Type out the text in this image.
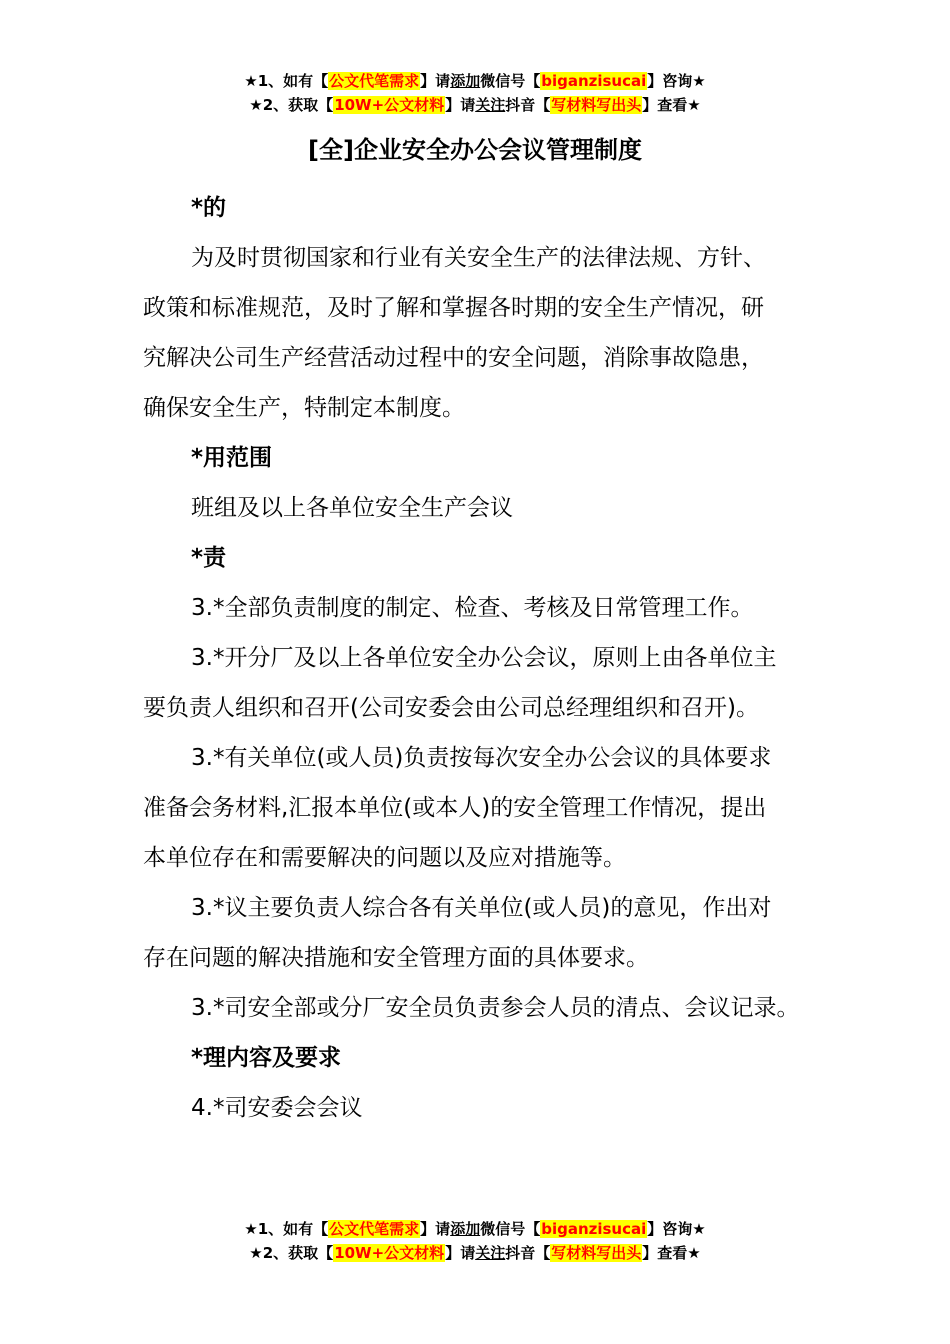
★1、如有【公文代笔需求】请添加微信号【biganzisucai】咨询★
★2、获取【10W+公文材料】请关注抖音【写材料写出头】查看★
[全]企业安全办公会议管理制度

*的

为及时贯彻国家和行业有关安全生产的法律法规、方针、

政策和标准规范，及时了解和掌握各时期的安全生产情况，研

究解决公司生产经营活动过程中的安全问题，消除事故隐患，

确保安全生产，特制定本制度。

*用范围

班组及以上各单位安全生产会议

*责

3.*全部负责制度的制定、检查、考核及日常管理工作。

3.*开分厂及以上各单位安全办公会议，原则上由各单位主

要负责人组织和召开(公司安委会由公司总经理组织和召开)。

3.*有关单位(或人员)负责按每次安全办公会议的具体要求

准备会务材料,汇报本单位(或本人)的安全管理工作情况，提出

本单位存在和需要解决的问题以及应对措施等。

3.*议主要负责人综合各有关单位(或人员)的意见，作出对

存在问题的解决措施和安全管理方面的具体要求。

3.*司安全部或分厂安全员负责参会人员的清点、会议记录。

*理内容及要求

4.*司安委会会议

★1、如有【公文代笔需求】请添加微信号【biganzisucai】咨询★
★2、获取【10W+公文材料】请关注抖音【写材料写出头】查看★
